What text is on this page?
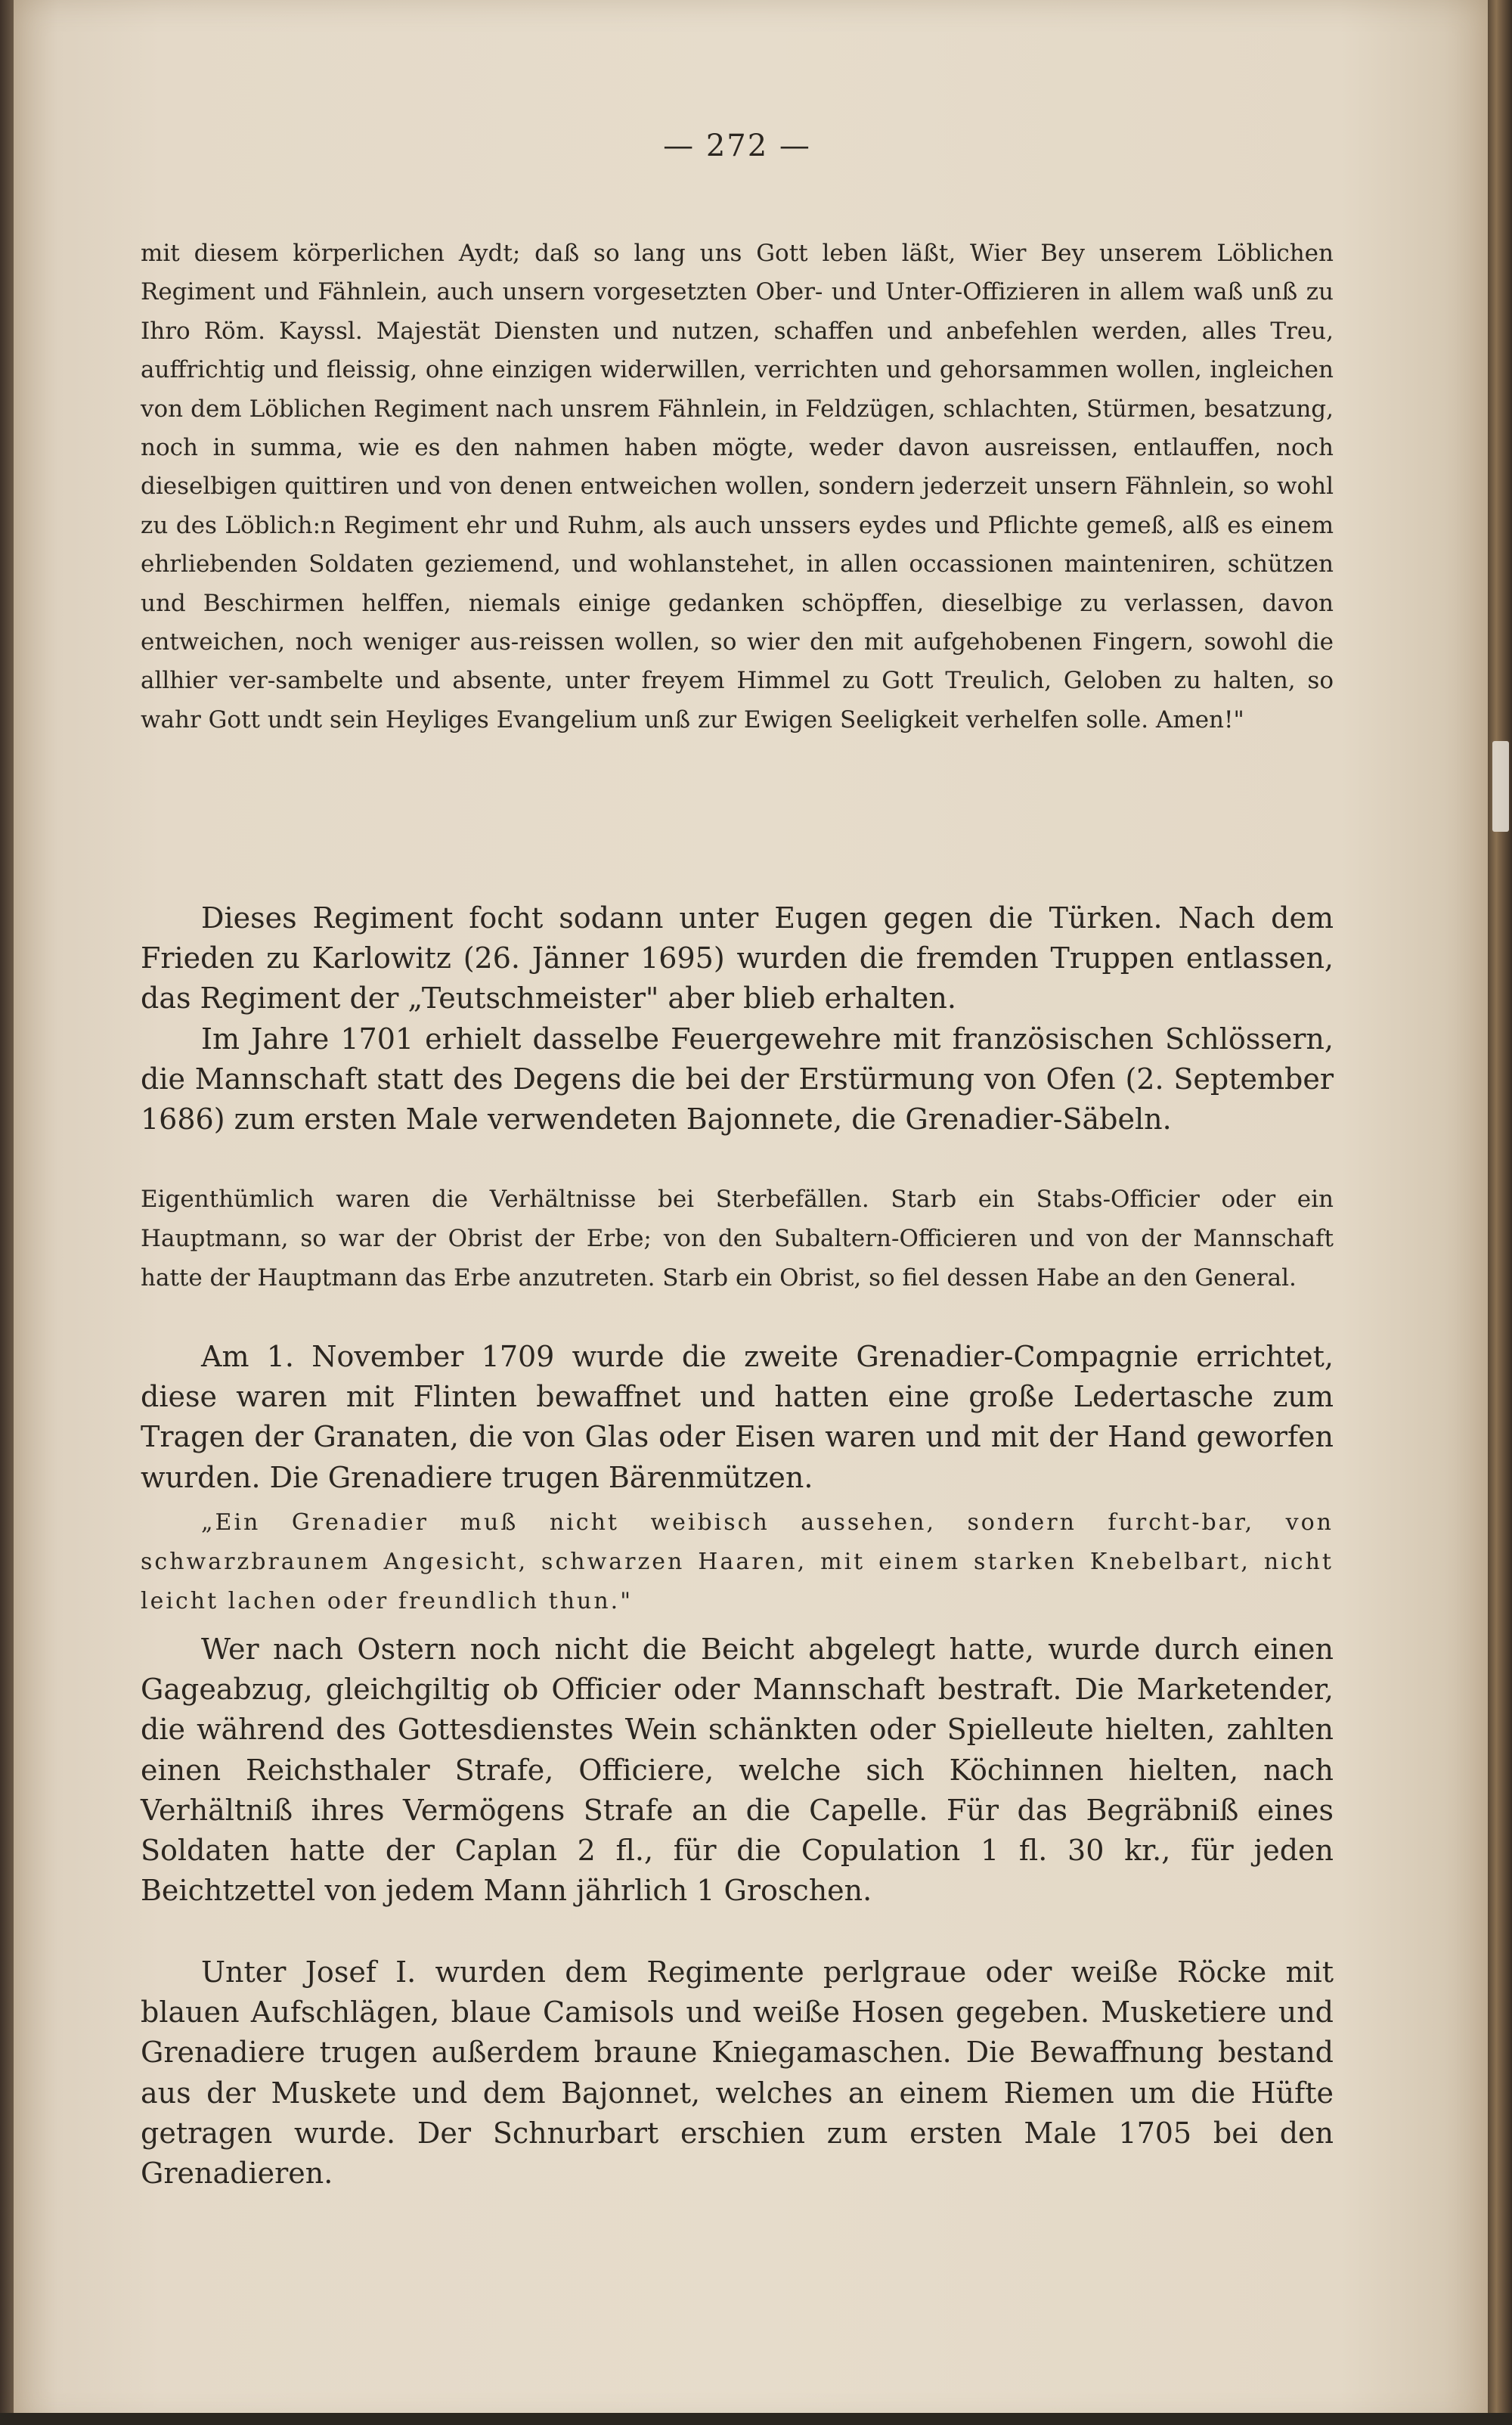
— 272 —

mit diesem körperlichen Aydt; daß so lang uns Gott leben läßt, Wier Bey unserem Löblichen Regiment und Fähnlein, auch unsern vorgesetzten Ober- und Unter-Offizieren in allem waß unß zu Ihro Röm. Kayssl. Majestät Diensten und nutzen, schaffen und anbefehlen werden, alles Treu, auffrichtig und fleissig, ohne einzigen widerwillen, verrichten und gehorsammen wollen, ingleichen von dem Löblichen Regiment nach unsrem Fähnlein, in Feldzügen, schlachten, Stürmen, besatzung, noch in summa, wie es den nahmen haben mögte, weder davon ausreissen, entlauffen, noch dieselbigen quittiren und von denen entweichen wollen, sondern jederzeit unsern Fähnlein, so wohl zu des Löblich:n Regiment ehr und Ruhm, als auch unssers eydes und Pflichte gemeß, alß es einem ehrliebenden Soldaten geziemend, und wohlanstehet, in allen occassionen mainteniren, schützen und Beschirmen helffen, niemals einige gedanken schöpffen, dieselbige zu verlassen, davon entweichen, noch weniger aus-reissen wollen, so wier den mit aufgehobenen Fingern, sowohl die allhier ver-sambelte und absente, unter freyem Himmel zu Gott Treulich, Geloben zu halten, so wahr Gott undt sein Heyliges Evangelium unß zur Ewigen Seeligkeit verhelfen solle. Amen!"

Dieses Regiment focht sodann unter Eugen gegen die Türken. Nach dem Frieden zu Karlowitz (26. Jänner 1695) wurden die fremden Truppen entlassen, das Regiment der „Teutschmeister" aber blieb erhalten.

Im Jahre 1701 erhielt dasselbe Feuergewehre mit französischen Schlössern, die Mannschaft statt des Degens die bei der Erstürmung von Ofen (2. September 1686) zum ersten Male verwendeten Bajonnete, die Grenadier-Säbeln.

Eigenthümlich waren die Verhältnisse bei Sterbefällen. Starb ein Stabs-Officier oder ein Hauptmann, so war der Obrist der Erbe; von den Subaltern-Officieren und von der Mannschaft hatte der Hauptmann das Erbe anzutreten. Starb ein Obrist, so fiel dessen Habe an den General.

Am 1. November 1709 wurde die zweite Grenadier-Compagnie errichtet, diese waren mit Flinten bewaffnet und hatten eine große Ledertasche zum Tragen der Granaten, die von Glas oder Eisen waren und mit der Hand geworfen wurden. Die Grenadiere trugen Bärenmützen.

„Ein Grenadier muß nicht weibisch aussehen, sondern furcht-bar, von schwarzbraunem Angesicht, schwarzen Haaren, mit einem starken Knebelbart, nicht leicht lachen oder freundlich thun."

Wer nach Ostern noch nicht die Beicht abgelegt hatte, wurde durch einen Gageabzug, gleichgiltig ob Officier oder Mannschaft bestraft. Die Marketender, die während des Gottesdienstes Wein schänkten oder Spielleute hielten, zahlten einen Reichsthaler Strafe, Officiere, welche sich Köchinnen hielten, nach Verhältniß ihres Vermögens Strafe an die Capelle. Für das Begräbniß eines Soldaten hatte der Caplan 2 fl., für die Copulation 1 fl. 30 kr., für jeden Beichtzettel von jedem Mann jährlich 1 Groschen.

Unter Josef I. wurden dem Regimente perlgraue oder weiße Röcke mit blauen Aufschlägen, blaue Camisols und weiße Hosen gegeben. Musketiere und Grenadiere trugen außerdem braune Kniegamaschen. Die Bewaffnung bestand aus der Muskete und dem Bajonnet, welches an einem Riemen um die Hüfte getragen wurde. Der Schnurbart erschien zum ersten Male 1705 bei den Grenadieren.
